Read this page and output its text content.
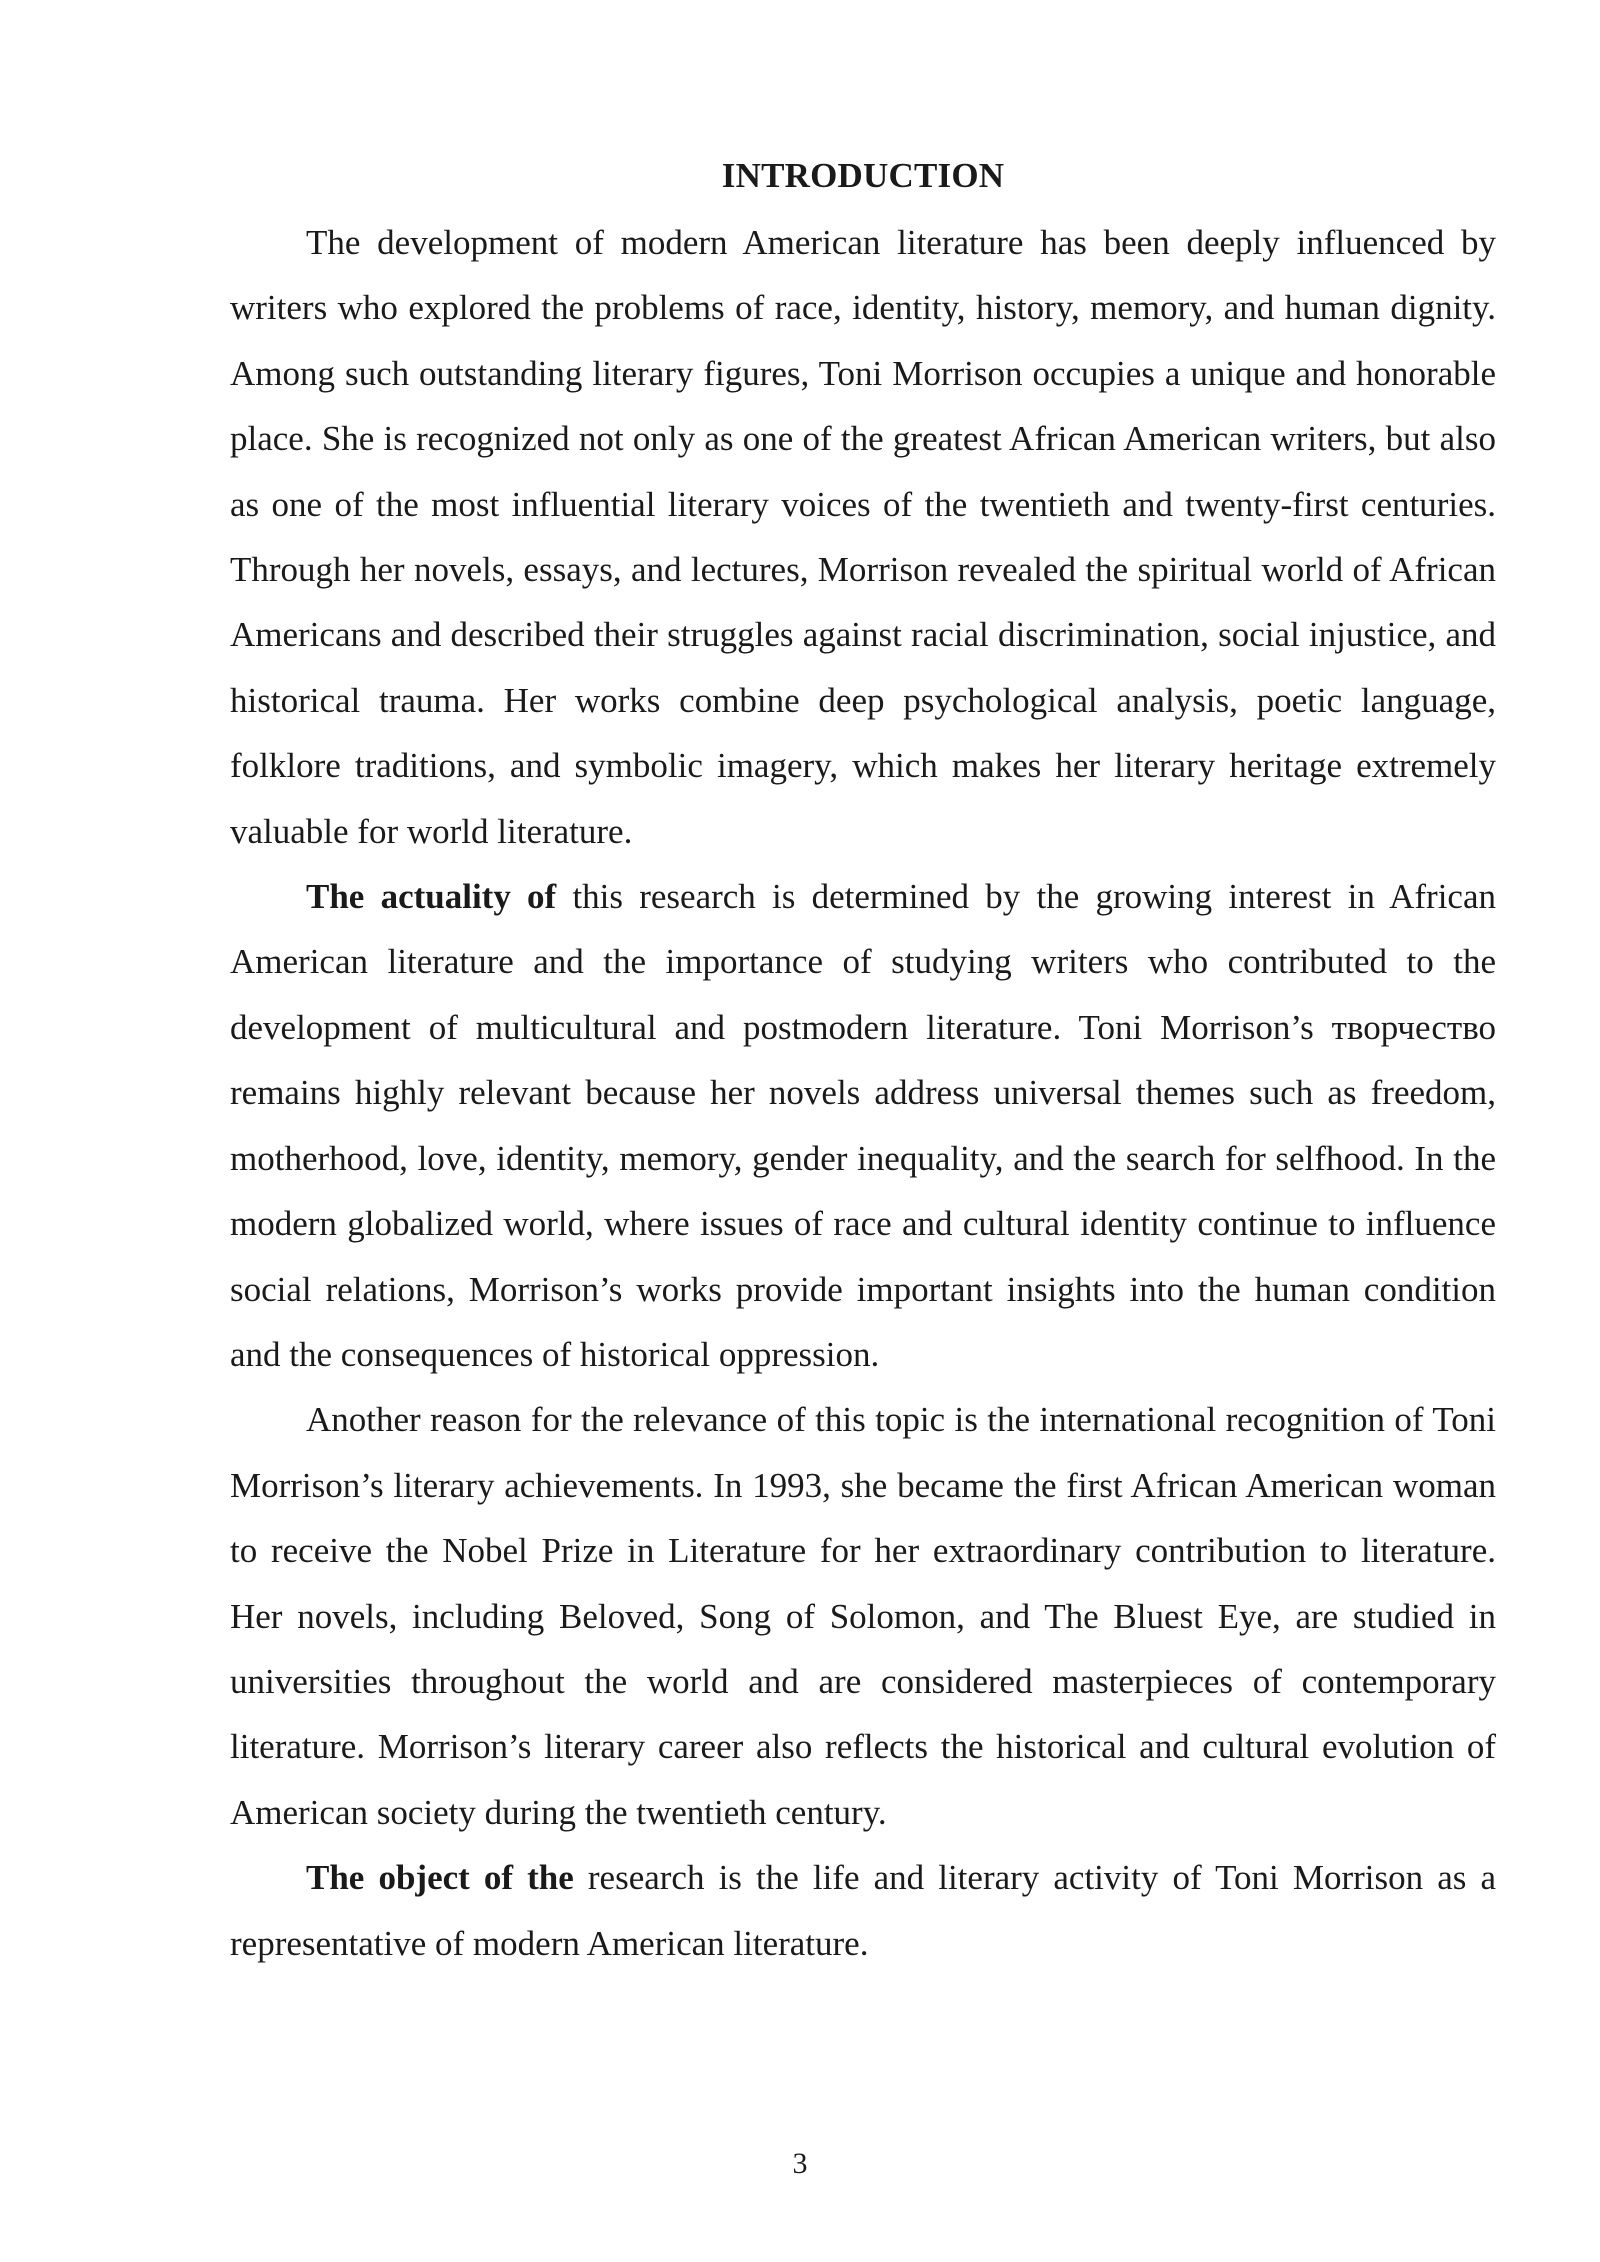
INTRODUCTION

The development of modern American literature has been deeply influenced by writers who explored the problems of race, identity, history, memory, and human dignity. Among such outstanding literary figures, Toni Morrison occupies a unique and honorable place. She is recognized not only as one of the greatest African American writers, but also as one of the most influential literary voices of the twentieth and twenty-first centuries. Through her novels, essays, and lectures, Morrison revealed the spiritual world of African Americans and described their struggles against racial discrimination, social injustice, and historical trauma. Her works combine deep psychological analysis, poetic language, folklore traditions, and symbolic imagery, which makes her literary heritage extremely valuable for world literature.

The actuality of this research is determined by the growing interest in African American literature and the importance of studying writers who contributed to the development of multicultural and postmodern literature. Toni Morrison’s творчество remains highly relevant because her novels address universal themes such as freedom, motherhood, love, identity, memory, gender inequality, and the search for selfhood. In the modern globalized world, where issues of race and cultural identity continue to influence social relations, Morrison’s works provide important insights into the human condition and the consequences of historical oppression.

Another reason for the relevance of this topic is the international recognition of Toni Morrison’s literary achievements. In 1993, she became the first African American woman to receive the Nobel Prize in Literature for her extraordinary contribution to literature. Her novels, including Beloved, Song of Solomon, and The Bluest Eye, are studied in universities throughout the world and are considered masterpieces of contemporary literature. Morrison’s literary career also reflects the historical and cultural evolution of American society during the twentieth century.

The object of the research is the life and literary activity of Toni Morrison as a representative of modern American literature.

3
